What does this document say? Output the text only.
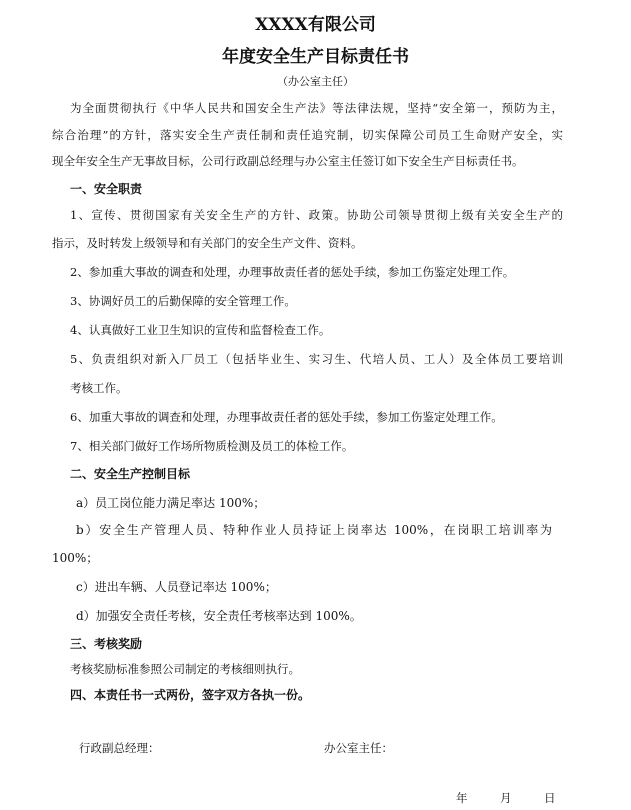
XXXX有限公司
年度安全生产目标责任书
（办公室主任）
为全面贯彻执行《中华人民共和国安全生产法》等法律法规，坚持“安全第一，预防为主，
综合治理”的方针，落实安全生产责任制和责任追究制，切实保障公司员工生命财产安全，实
现全年安全生产无事故目标，公司行政副总经理与办公室主任签订如下安全生产目标责任书。
一、安全职责
1、宣传、贯彻国家有关安全生产的方针、政策。协助公司领导贯彻上级有关安全生产的
指示，及时转发上级领导和有关部门的安全生产文件、资料。
2、参加重大事故的调查和处理，办理事故责任者的惩处手续，参加工伤鉴定处理工作。
3、协调好员工的后勤保障的安全管理工作。
4、认真做好工业卫生知识的宣传和监督检查工作。
5、负责组织对新入厂员工（包括毕业生、实习生、代培人员、工人）及全体员工要培训
考核工作。
6、加重大事故的调查和处理，办理事故责任者的惩处手续，参加工伤鉴定处理工作。
7、相关部门做好工作场所物质检测及员工的体检工作。
二、安全生产控制目标
a）员工岗位能力满足率达 100%；
b）安全生产管理人员、特种作业人员持证上岗率达 100%，在岗职工培训率为
100%；
c）进出车辆、人员登记率达 100%；
d）加强安全责任考核，安全责任考核率达到 100%。
三、考核奖励
考核奖励标准参照公司制定的考核细则执行。
四、本责任书一式两份，签字双方各执一份。
行政副总经理：	办公室主任：
年	月	日
